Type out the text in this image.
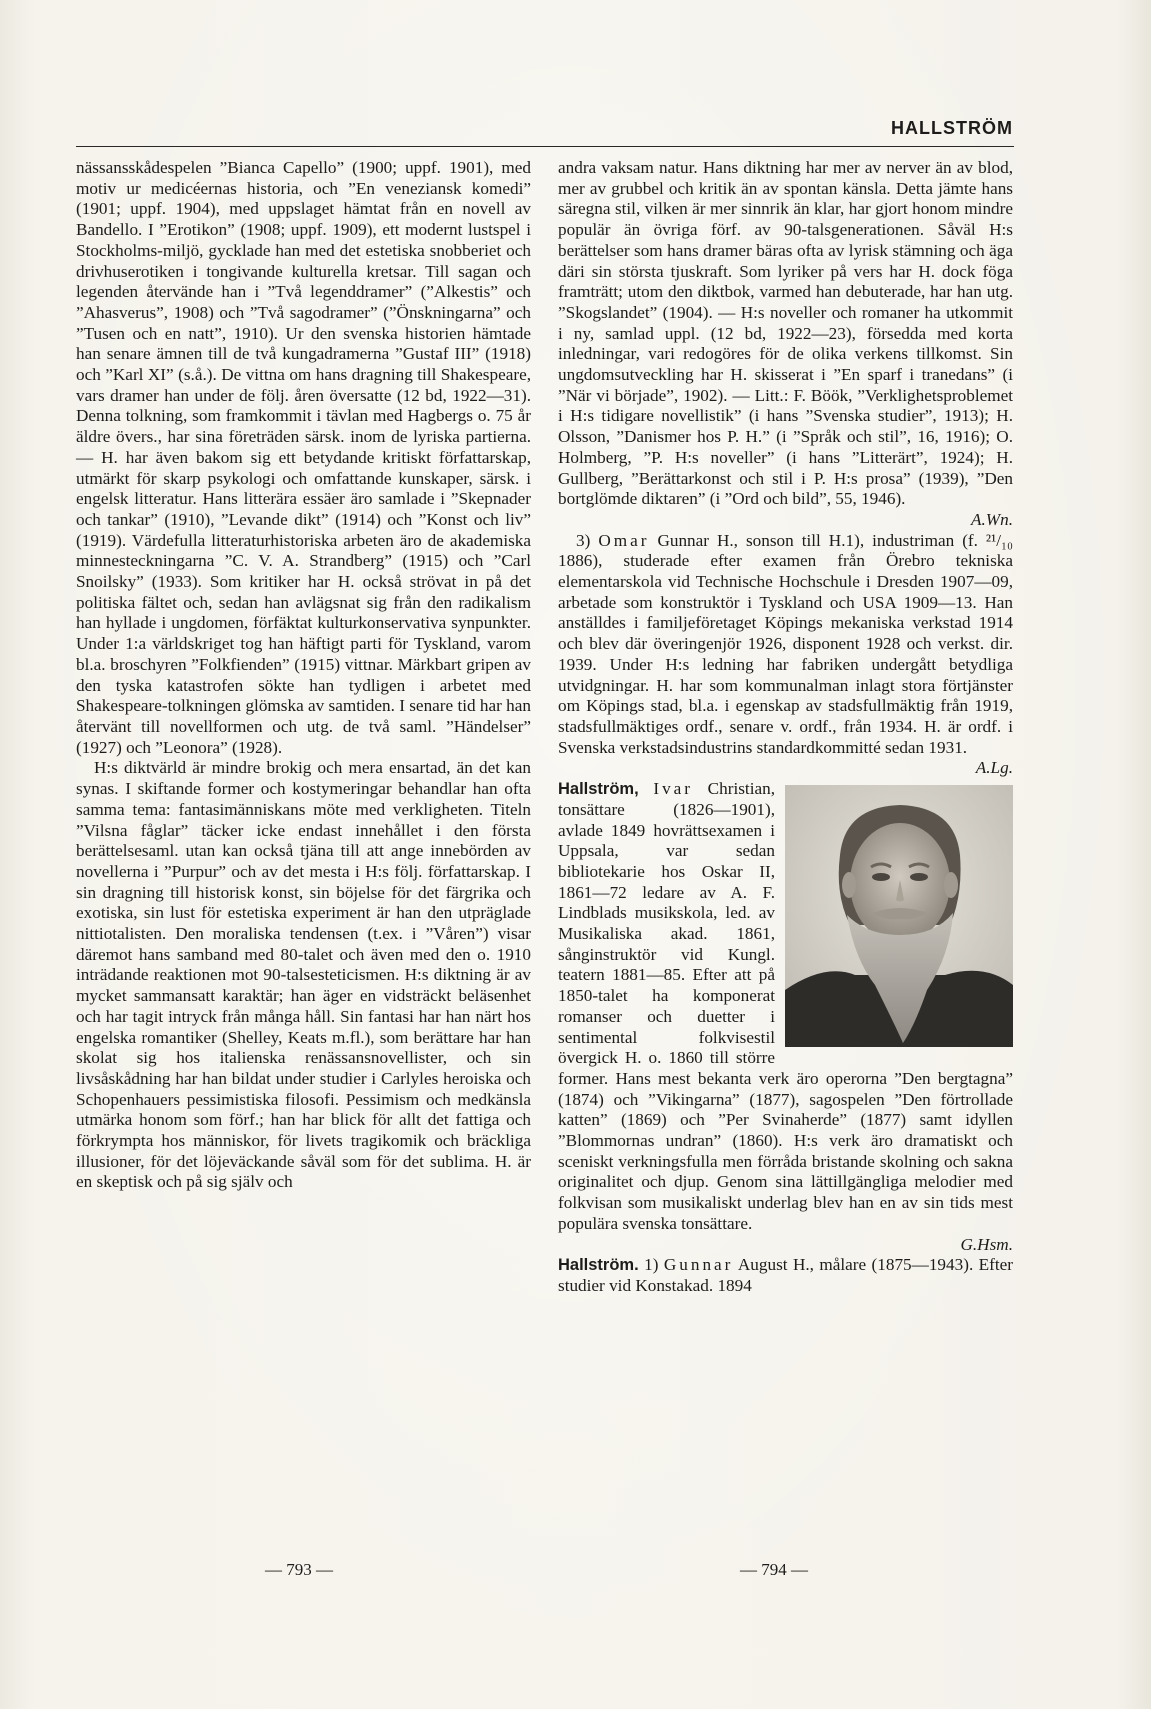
HALLSTRÖM

nässansskådespelen ”Bianca Capello” (1900; uppf. 1901), med motiv ur medicéernas historia, och ”En veneziansk komedi” (1901; uppf. 1904), med uppslaget hämtat från en novell av Bandello. I ”Erotikon” (1908; uppf. 1909), ett modernt lustspel i Stockholms-miljö, gycklade han med det estetiska snobberiet och drivhuserotiken i tongivande kulturella kretsar. Till sagan och legenden återvände han i ”Två legenddramer” (”Alkestis” och ”Ahasverus”, 1908) och ”Två sagodramer” (”Önskningarna” och ”Tusen och en natt”, 1910). Ur den svenska historien hämtade han senare ämnen till de två kungadramerna ”Gustaf III” (1918) och ”Karl XI” (s.å.). De vittna om hans dragning till Shakespeare, vars dramer han under de följ. åren översatte (12 bd, 1922—31). Denna tolkning, som framkommit i tävlan med Hagbergs o. 75 år äldre övers., har sina företräden särsk. inom de lyriska partierna. — H. har även bakom sig ett betydande kritiskt författarskap, utmärkt för skarp psykologi och omfattande kunskaper, särsk. i engelsk litteratur. Hans litterära essäer äro samlade i ”Skepnader och tankar” (1910), ”Levande dikt” (1914) och ”Konst och liv” (1919). Värdefulla litteraturhistoriska arbeten äro de akademiska minnesteckningarna ”C. V. A. Strandberg” (1915) och ”Carl Snoilsky” (1933). Som kritiker har H. också strövat in på det politiska fältet och, sedan han avlägsnat sig från den radikalism han hyllade i ungdomen, förfäktat kulturkonservativa synpunkter. Under 1:a världskriget tog han häftigt parti för Tyskland, varom bl.a. broschyren ”Folkfienden” (1915) vittnar. Märkbart gripen av den tyska katastrofen sökte han tydligen i arbetet med Shakespeare-tolkningen glömska av samtiden. I senare tid har han återvänt till novellformen och utg. de två saml. ”Händelser” (1927) och ”Leonora” (1928).

H:s diktvärld är mindre brokig och mera ensartad, än det kan synas. I skiftande former och kostymeringar behandlar han ofta samma tema: fantasimänniskans möte med verkligheten. Titeln ”Vilsna fåglar” täcker icke endast innehållet i den första berättelsesaml. utan kan också tjäna till att ange innebörden av novellerna i ”Purpur” och av det mesta i H:s följ. författarskap. I sin dragning till historisk konst, sin böjelse för det färgrika och exotiska, sin lust för estetiska experiment är han den utpräglade nittiotalisten. Den moraliska tendensen (t.ex. i ”Våren”) visar däremot hans samband med 80-talet och även med den o. 1910 inträdande reaktionen mot 90-talsesteticismen. H:s diktning är av mycket sammansatt karaktär; han äger en vidsträckt beläsenhet och har tagit intryck från många håll. Sin fantasi har han närt hos engelska romantiker (Shelley, Keats m.fl.), som berättare har han skolat sig hos italienska renässansnovellister, och sin livsåskådning har han bildat under studier i Carlyles heroiska och Schopenhauers pessimistiska filosofi. Pessimism och medkänsla utmärka honom som förf.; han har blick för allt det fattiga och förkrympta hos människor, för livets tragikomik och bräckliga illusioner, för det löjeväckande såväl som för det sublima. H. är en skeptisk och på sig själv och

andra vaksam natur. Hans diktning har mer av nerver än av blod, mer av grubbel och kritik än av spontan känsla. Detta jämte hans säregna stil, vilken är mer sinnrik än klar, har gjort honom mindre populär än övriga förf. av 90-talsgenerationen. Såväl H:s berättelser som hans dramer bäras ofta av lyrisk stämning och äga däri sin största tjuskraft. Som lyriker på vers har H. dock föga framträtt; utom den diktbok, varmed han debuterade, har han utg. ”Skogslandet” (1904). — H:s noveller och romaner ha utkommit i ny, samlad uppl. (12 bd, 1922—23), försedda med korta inledningar, vari redogöres för de olika verkens tillkomst. Sin ungdomsutveckling har H. skisserat i ”En sparf i tranedans” (i ”När vi började”, 1902). — Litt.: F. Böök, ”Verklighetsproblemet i H:s tidigare novellistik” (i hans ”Svenska studier”, 1913); H. Olsson, ”Danismer hos P. H.” (i ”Språk och stil”, 16, 1916); O. Holmberg, ”P. H:s noveller” (i hans ”Litterärt”, 1924); H. Gullberg, ”Berättarkonst och stil i P. H:s prosa” (1939), ”Den bortglömde diktaren” (i ”Ord och bild”, 55, 1946).
A.Wn.

3) Omar Gunnar H., sonson till H.1), industriman (f. ²¹/₁₀ 1886), studerade efter examen från Örebro tekniska elementarskola vid Technische Hochschule i Dresden 1907—09, arbetade som konstruktör i Tyskland och USA 1909—13. Han anställdes i familjeföretaget Köpings mekaniska verkstad 1914 och blev där överingenjör 1926, disponent 1928 och verkst. dir. 1939. Under H:s ledning har fabriken undergått betydliga utvidgningar. H. har som kommunalman inlagt stora förtjänster om Köpings stad, bl.a. i egenskap av stadsfullmäktig från 1919, stadsfullmäktiges ordf., senare v. ordf., från 1934. H. är ordf. i Svenska verkstadsindustrins standardkommitté sedan 1931.
A.Lg.

Hallström, Ivar
Christian, tonsättare (1826—1901), avlade 1849 hovrättsexamen i Uppsala, var sedan bibliotekarie hos Oskar II, 1861—72 ledare av A. F. Lindblads musikskola, led. av Musikaliska akad. 1861, sånginstruktör vid Kungl. teatern 1881—85. Efter att på 1850-talet ha komponerat romanser och duetter i sentimental folkvisestil övergick H. o. 1860 till större former. Hans mest bekanta verk äro operorna ”Den bergtagna” (1874) och ”Vikingarna” (1877), sagospelen ”Den förtrollade katten” (1869) och ”Per Svinaherde” (1877) samt idyllen ”Blommornas undran” (1860). H:s verk äro dramatiskt och sceniskt verkningsfulla men förråda bristande skolning och sakna originalitet och djup. Genom sina lättillgängliga melodier med folkvisan som musikaliskt underlag blev han en av sin tids mest populära svenska tonsättare.
G.Hsm.

Hallström. 1) Gunnar August H., målare (1875—1943). Efter studier vid Konstakad. 1894

— 793 —	— 794 —
